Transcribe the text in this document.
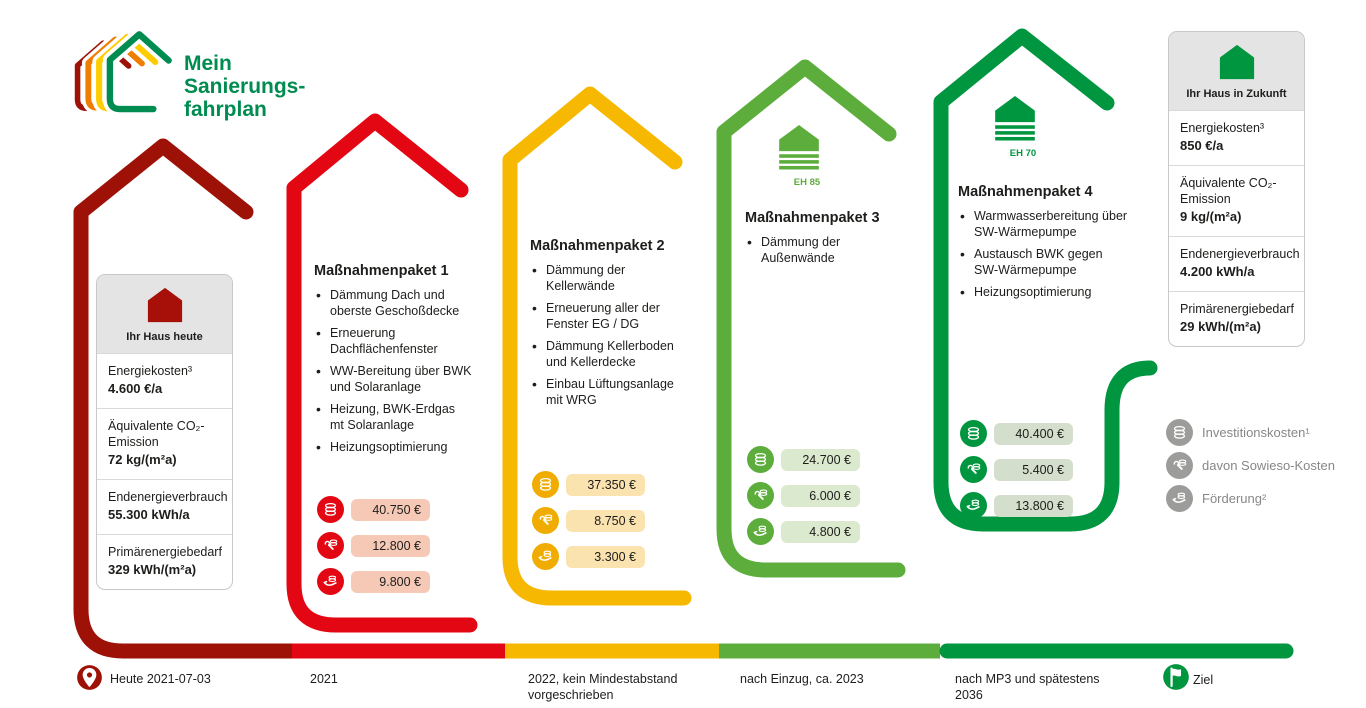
Mein
Sanierungs-
fahrplan
Ihr Haus heute
Energiekosten³
4.600 €/a
Äquivalente CO₂-Emission
72 kg/(m²a)
Endenergieverbrauch
55.300 kWh/a
Primärenergiebedarf
329 kWh/(m²a)
Ihr Haus in Zukunft
Energiekosten³
850 €/a
Äquivalente CO₂-Emission
9 kg/(m²a)
Endenergieverbrauch
4.200 kWh/a
Primärenergiebedarf
29 kWh/(m²a)
Maßnahmenpaket 1
• Dämmung Dach und oberste Geschoßdecke
• Erneuerung Dachflächenfenster
• WW-Bereitung über BWK und Solaranlage
• Heizung, BWK-Erdgas mt Solaranlage
• Heizungsoptimierung
40.750 €
12.800 €
9.800 €
Maßnahmenpaket 2
• Dämmung der Kellerwände
• Erneuerung aller der Fenster EG / DG
• Dämmung Kellerboden und Kellerdecke
• Einbau Lüftungsanlage mit WRG
37.350 €
8.750 €
3.300 €
EH 85
Maßnahmenpaket 3
• Dämmung der Außenwände
24.700 €
6.000 €
4.800 €
EH 70
Maßnahmenpaket 4
• Warmwasserbereitung über SW-Wärmepumpe
• Austausch BWK gegen SW-Wärmepumpe
• Heizungsoptimierung
40.400 €
5.400 €
13.800 €
Investitionskosten¹
davon Sowieso-Kosten
Förderung²
Heute 2021-07-03	2021	2022, kein Mindestabstand vorgeschrieben
nach Einzug, ca. 2023	nach MP3 und spätestens 2036
Ziel
